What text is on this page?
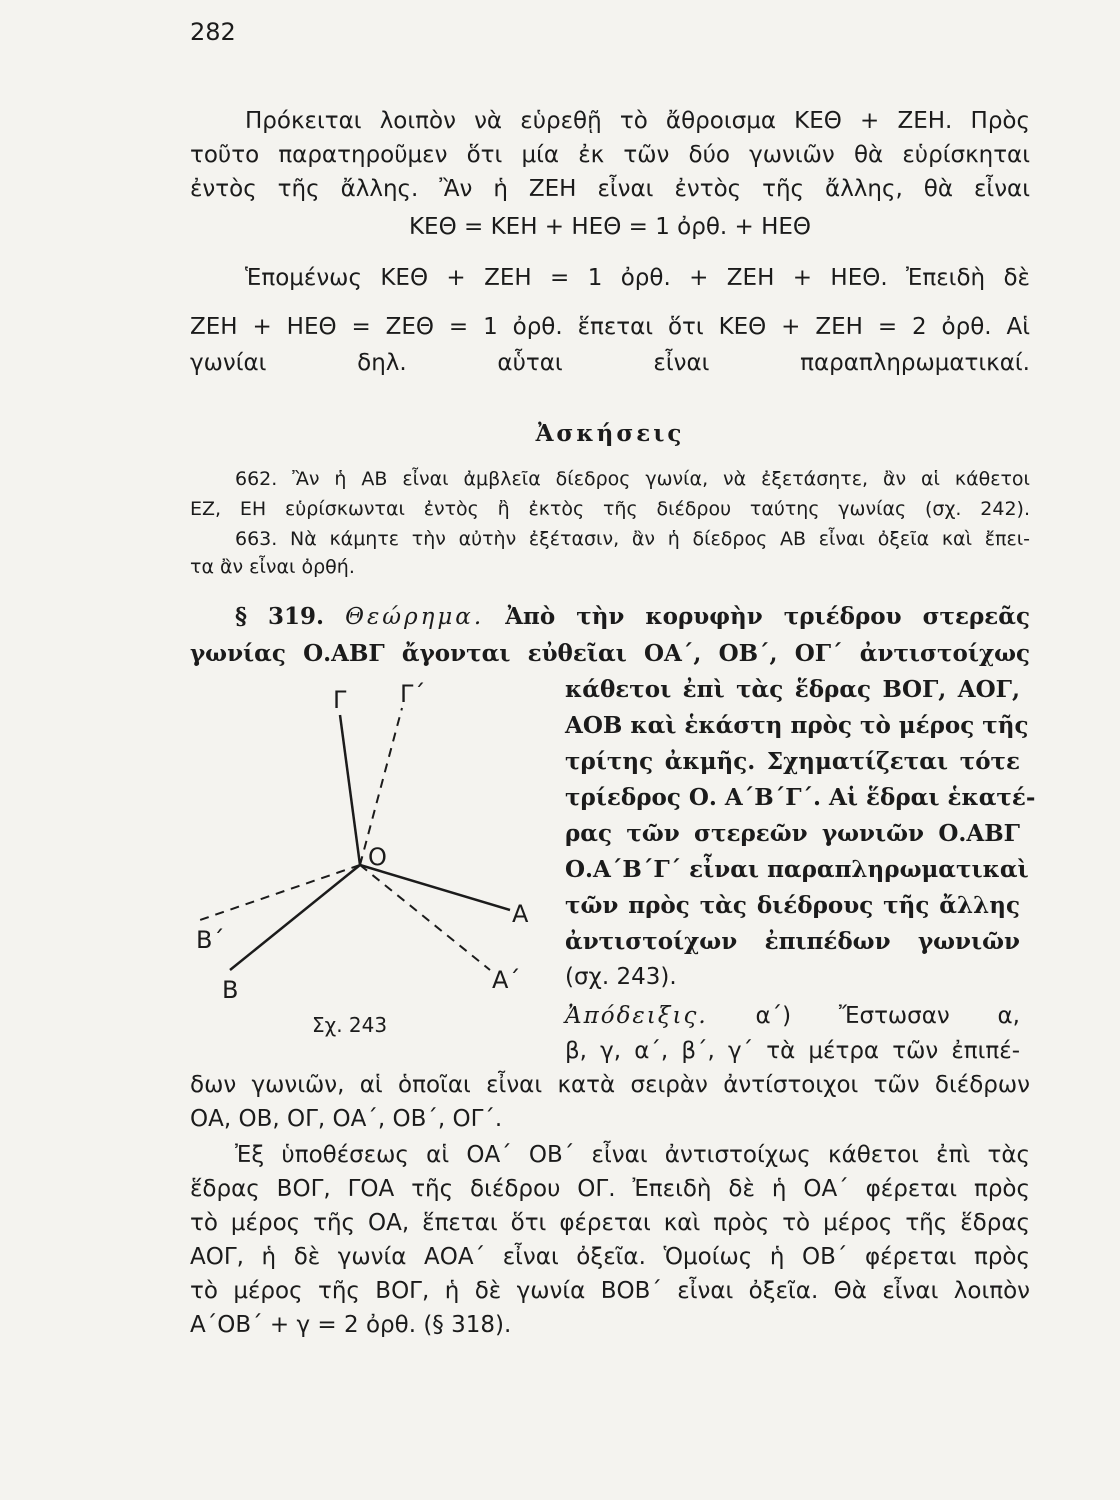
282
Πρόκειται λοιπὸν νὰ εὑρεθῇ τὸ ἄθροισμα ΚΕΘ + ΖΕΗ. Πρὸς
τοῦτο παρατηροῦμεν ὅτι μία ἐκ τῶν δύο γωνιῶν θὰ εὑρίσκηται
ἐντὸς τῆς ἄλλης. Ἂν ἡ ΖΕΗ εἶναι ἐντὸς τῆς ἄλλης, θὰ εἶναι
ΚΕΘ = ΚΕΗ + ΗΕΘ = 1 ὀρθ. + ΗΕΘ
Ἑπομένως ΚΕΘ + ΖΕΗ = 1 ὀρθ. + ΖΕΗ + ΗΕΘ. Ἐπειδὴ δὲ
ΖΕΗ + ΗΕΘ = ΖΕΘ = 1 ὀρθ. ἕπεται ὅτι ΚΕΘ + ΖΕΗ = 2 ὀρθ. Αἱ
γωνίαι δηλ. αὗται εἶναι παραπληρωματικαί.
Ἀσκήσεις
662. Ἂν ἡ ΑΒ εἶναι ἀμβλεῖα δίεδρος γωνία, νὰ ἐξετάσητε, ἂν αἱ κάθετοι
ΕΖ, ΕΗ εὑρίσκωνται ἐντὸς ἢ ἐκτὸς τῆς διέδρου ταύτης γωνίας (σχ. 242).
663. Νὰ κάμητε τὴν αὐτὴν ἐξέτασιν, ἂν ἡ δίεδρος ΑΒ εἶναι ὀξεῖα καὶ ἔπει-
τα ἂν εἶναι ὀρθή.
§ 319. Θεώρημα. Ἀπὸ τὴν κορυφὴν τριέδρου στερεᾶς
γωνίας Ο.ΑΒΓ ἄγονται εὐθεῖαι ΟΑ΄, ΟΒ΄, ΟΓ΄ ἀντιστοίχως
κάθετοι ἐπὶ τὰς ἕδρας ΒΟΓ, ΑΟΓ,
ΑΟΒ καὶ ἑκάστη πρὸς τὸ μέρος τῆς
τρίτης ἀκμῆς. Σχηματίζεται τότε
τρίεδρος Ο. Α΄Β΄Γ΄. Αἱ ἕδραι ἑκατέ-
ρας τῶν στερεῶν γωνιῶν Ο.ΑΒΓ
Ο.Α΄Β΄Γ΄ εἶναι παραπληρωματικαὶ
τῶν πρὸς τὰς διέδρους τῆς ἄλλης
ἀντιστοίχων ἐπιπέδων γωνιῶν
(σχ. 243).
Γ Γ΄
Ο
Α
Α΄
Β΄
Β
Σχ. 243	Ἀπόδειξις. α΄) Ἔστωσαν α,
β, γ, α΄, β΄, γ΄ τὰ μέτρα τῶν ἐπιπέ-
δων γωνιῶν, αἱ ὁποῖαι εἶναι κατὰ σειρὰν ἀντίστοιχοι τῶν διέδρων
ΟΑ, ΟΒ, ΟΓ, ΟΑ΄, ΟΒ΄, ΟΓ΄.
Ἐξ ὑποθέσεως αἱ ΟΑ΄ ΟΒ΄ εἶναι ἀντιστοίχως κάθετοι ἐπὶ τὰς
ἕδρας ΒΟΓ, ΓΟΑ τῆς διέδρου ΟΓ. Ἐπειδὴ δὲ ἡ ΟΑ΄ φέρεται πρὸς
τὸ μέρος τῆς ΟΑ, ἕπεται ὅτι φέρεται καὶ πρὸς τὸ μέρος τῆς ἕδρας
ΑΟΓ, ἡ δὲ γωνία ΑΟΑ΄ εἶναι ὀξεῖα. Ὁμοίως ἡ ΟΒ΄ φέρεται πρὸς
τὸ μέρος τῆς ΒΟΓ, ἡ δὲ γωνία ΒΟΒ΄ εἶναι ὀξεῖα. Θὰ εἶναι λοιπὸν
Α΄ΟΒ΄ + γ = 2 ὀρθ. (§ 318).
